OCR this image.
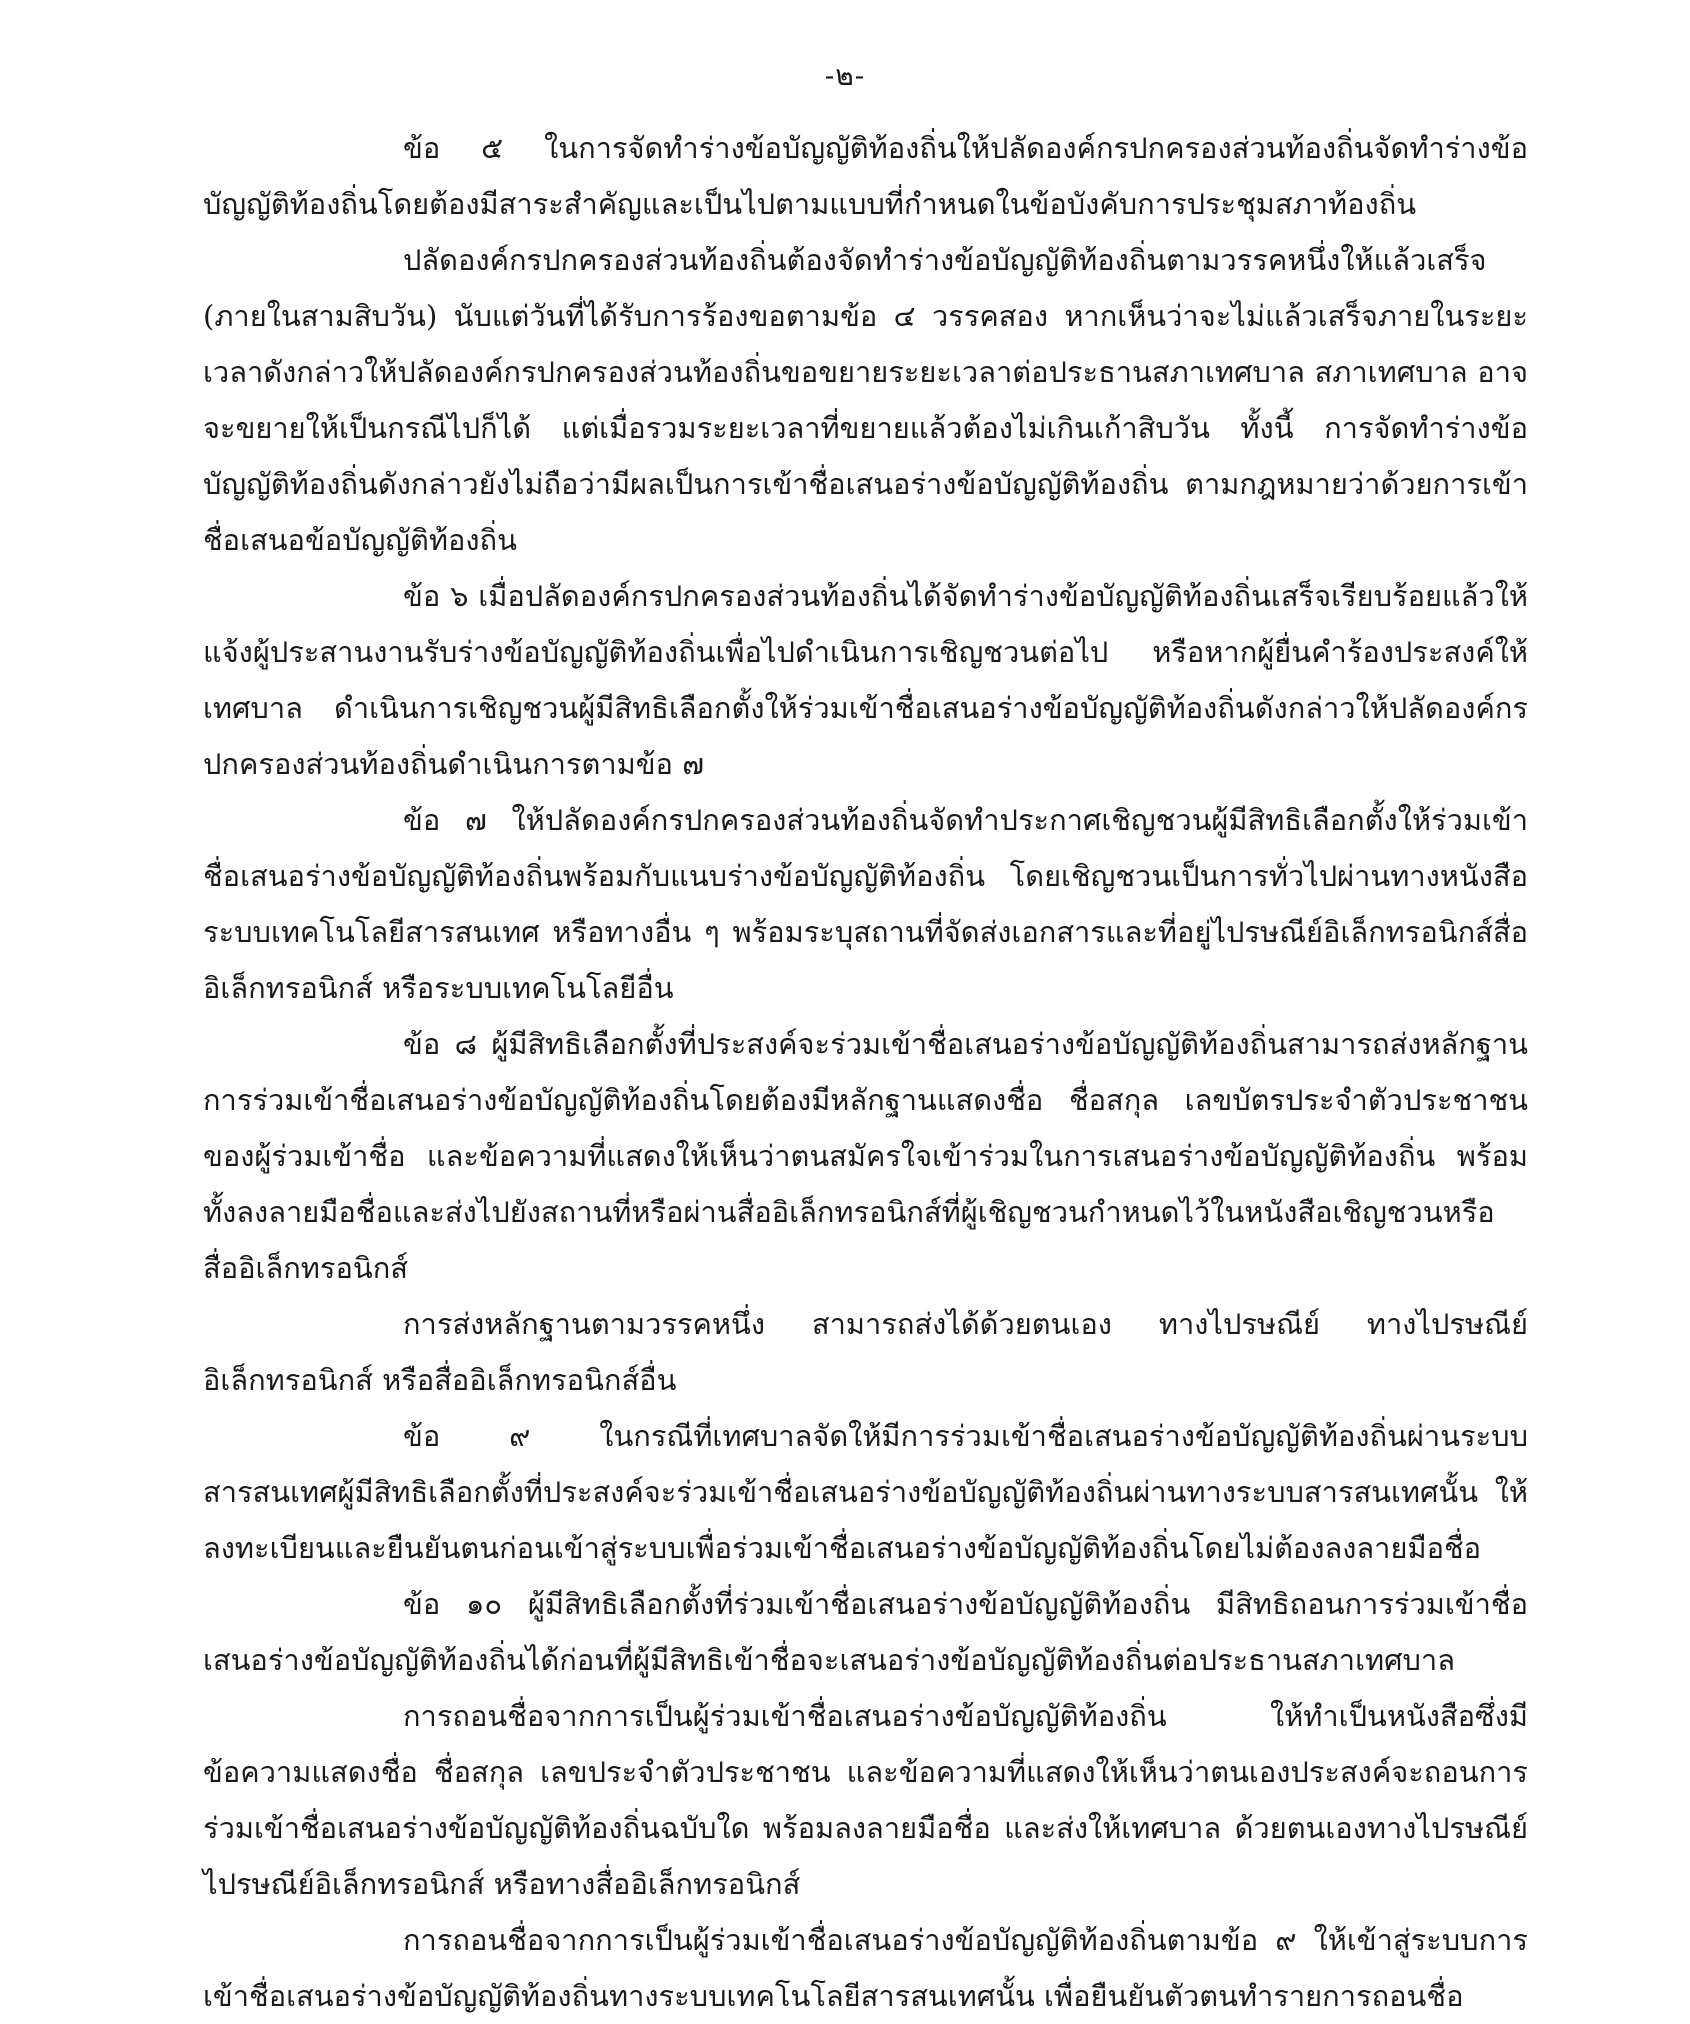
-๒-

ข้อ ๕ ในการจัดทำร่างข้อบัญญัติท้องถิ่นให้ปลัดองค์กรปกครองส่วนท้องถิ่นจัดทำร่างข้อบัญญัติท้องถิ่นโดยต้องมีสาระสำคัญและเป็นไปตามแบบที่กำหนดในข้อบังคับการประชุมสภาท้องถิ่น

ปลัดองค์กรปกครองส่วนท้องถิ่นต้องจัดทำร่างข้อบัญญัติท้องถิ่นตามวรรคหนึ่งให้แล้วเสร็จ (ภายในสามสิบวัน) นับแต่วันที่ได้รับการร้องขอตามข้อ ๔ วรรคสอง หากเห็นว่าจะไม่แล้วเสร็จภายในระยะเวลาดังกล่าวให้ปลัดองค์กรปกครองส่วนท้องถิ่นขอขยายระยะเวลาต่อประธานสภาเทศบาล สภาเทศบาล อาจจะขยายให้เป็นกรณีไปก็ได้ แต่เมื่อรวมระยะเวลาที่ขยายแล้วต้องไม่เกินเก้าสิบวัน ทั้งนี้ การจัดทำร่างข้อบัญญัติท้องถิ่นดังกล่าวยังไม่ถือว่ามีผลเป็นการเข้าชื่อเสนอร่างข้อบัญญัติท้องถิ่น ตามกฎหมายว่าด้วยการเข้าชื่อเสนอข้อบัญญัติท้องถิ่น

ข้อ ๖ เมื่อปลัดองค์กรปกครองส่วนท้องถิ่นได้จัดทำร่างข้อบัญญัติท้องถิ่นเสร็จเรียบร้อยแล้วให้แจ้งผู้ประสานงานรับร่างข้อบัญญัติท้องถิ่นเพื่อไปดำเนินการเชิญชวนต่อไป หรือหากผู้ยื่นคำร้องประสงค์ให้เทศบาล ดำเนินการเชิญชวนผู้มีสิทธิเลือกตั้งให้ร่วมเข้าชื่อเสนอร่างข้อบัญญัติท้องถิ่นดังกล่าวให้ปลัดองค์กรปกครองส่วนท้องถิ่นดำเนินการตามข้อ ๗

ข้อ ๗ ให้ปลัดองค์กรปกครองส่วนท้องถิ่นจัดทำประกาศเชิญชวนผู้มีสิทธิเลือกตั้งให้ร่วมเข้าชื่อเสนอร่างข้อบัญญัติท้องถิ่นพร้อมกับแนบร่างข้อบัญญัติท้องถิ่น โดยเชิญชวนเป็นการทั่วไปผ่านทางหนังสือระบบเทคโนโลยีสารสนเทศ หรือทางอื่น ๆ พร้อมระบุสถานที่จัดส่งเอกสารและที่อยู่ไปรษณีย์อิเล็กทรอนิกส์สื่ออิเล็กทรอนิกส์ หรือระบบเทคโนโลยีอื่น

ข้อ ๘ ผู้มีสิทธิเลือกตั้งที่ประสงค์จะร่วมเข้าชื่อเสนอร่างข้อบัญญัติท้องถิ่นสามารถส่งหลักฐานการร่วมเข้าชื่อเสนอร่างข้อบัญญัติท้องถิ่นโดยต้องมีหลักฐานแสดงชื่อ ชื่อสกุล เลขบัตรประจำตัวประชาชนของผู้ร่วมเข้าชื่อ และข้อความที่แสดงให้เห็นว่าตนสมัครใจเข้าร่วมในการเสนอร่างข้อบัญญัติท้องถิ่น พร้อมทั้งลงลายมือชื่อและส่งไปยังสถานที่หรือผ่านสื่ออิเล็กทรอนิกส์ที่ผู้เชิญชวนกำหนดไว้ในหนังสือเชิญชวนหรือสื่ออิเล็กทรอนิกส์

การส่งหลักฐานตามวรรคหนึ่ง สามารถส่งได้ด้วยตนเอง ทางไปรษณีย์ ทางไปรษณีย์อิเล็กทรอนิกส์ หรือสื่ออิเล็กทรอนิกส์อื่น

ข้อ ๙ ในกรณีที่เทศบาลจัดให้มีการร่วมเข้าชื่อเสนอร่างข้อบัญญัติท้องถิ่นผ่านระบบสารสนเทศผู้มีสิทธิเลือกตั้งที่ประสงค์จะร่วมเข้าชื่อเสนอร่างข้อบัญญัติท้องถิ่นผ่านทางระบบสารสนเทศนั้น ให้ลงทะเบียนและยืนยันตนก่อนเข้าสู่ระบบเพื่อร่วมเข้าชื่อเสนอร่างข้อบัญญัติท้องถิ่นโดยไม่ต้องลงลายมือชื่อ

ข้อ ๑๐ ผู้มีสิทธิเลือกตั้งที่ร่วมเข้าชื่อเสนอร่างข้อบัญญัติท้องถิ่น มีสิทธิถอนการร่วมเข้าชื่อเสนอร่างข้อบัญญัติท้องถิ่นได้ก่อนที่ผู้มีสิทธิเข้าชื่อจะเสนอร่างข้อบัญญัติท้องถิ่นต่อประธานสภาเทศบาล

การถอนชื่อจากการเป็นผู้ร่วมเข้าชื่อเสนอร่างข้อบัญญัติท้องถิ่น ให้ทำเป็นหนังสือซึ่งมีข้อความแสดงชื่อ ชื่อสกุล เลขประจำตัวประชาชน และข้อความที่แสดงให้เห็นว่าตนเองประสงค์จะถอนการร่วมเข้าชื่อเสนอร่างข้อบัญญัติท้องถิ่นฉบับใด พร้อมลงลายมือชื่อ และส่งให้เทศบาล ด้วยตนเองทางไปรษณีย์ ไปรษณีย์อิเล็กทรอนิกส์ หรือทางสื่ออิเล็กทรอนิกส์

การถอนชื่อจากการเป็นผู้ร่วมเข้าชื่อเสนอร่างข้อบัญญัติท้องถิ่นตามข้อ ๙ ให้เข้าสู่ระบบการเข้าชื่อเสนอร่างข้อบัญญัติท้องถิ่นทางระบบเทคโนโลยีสารสนเทศนั้น เพื่อยืนยันตัวตนทำรายการถอนชื่อ
